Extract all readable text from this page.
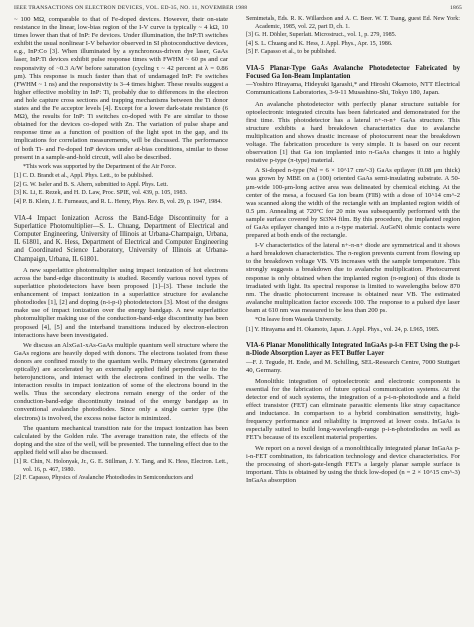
IEEE TRANSACTIONS ON ELECTRON DEVICES, VOL. ED-35, NO. 11, NOVEMBER 1988	1865

~ 100 MΩ, comparable to that of Fe-doped devices. However, their on-state resistance in the linear, low-bias region of the I-V curve is typically ~ 4 kΩ, 10 times lower than that of InP: Fe devices. Under illumination, the InP:Ti switches exhibit the usual nonlinear I-V behavior observed in SI photoconductive devices, e.g., InP:Co [3]. When illuminated by a synchronous-driven dye laser, GaAs laser, InP:Ti devices exhibit pulse response times with FWHM ~ 60 ps and car responsivity of ~0.3 A/W before saturation (cycling τ ~ 42 percent at λ = 0.86 μm). This response is much faster than that of undamaged InP: Fe switches (FWHM ~ 1 ns) and the responsivity is 3–4 times higher. These results suggest a higher effective mobility in InP: Ti, probably due to differences in the electron and hole capture cross sections and trapping mechanisms between the Ti donor states and the Fe acceptor levels [4]. Except for a lower dark-state resistance (6 MΩ), the results for InP: Ti switches co-doped with Fe are similar to those obtained for the devices co-doped with Zn. The variation of pulse shape and response time as a function of position of the light spot in the gap, and its implications for correlation measurements, will be discussed. The performance of both Ti- and Fe-doped InP devices under at-bias conditions, similar to those present in a sample-and-hold circuit, will also be described.

*This work was supported by the Department of the Air Force.
[1] C. D. Brandt et al., Appl. Phys. Lett., to be published.
[2] G. W. Iseler and B. S. Ahern, submitted to Appl. Phys. Lett.
[3] K. Li, E. Rezek, and H. D. Law, Proc. SPIE, vol. 439, p. 105, 1983.
[4] P. B. Klein, J. E. Furneaux, and R. L. Henry, Phys. Rev. B, vol. 29, p. 1947, 1984.
VIA-4 Impact Ionization Across the Band-Edge Discontinuity for a Superlattice Photomultiplier—S. L. Chuang, Department of Electrical and Computer Engineering, University of Illinois at Urbana-Champaign, Urbana, IL 61801, and K. Hess, Department of Electrical and Computer Engineering and Coordinated Science Laboratory, University of Illinois at Urbana-Champaign, Urbana, IL 61801.

A new superlattice photomultiplier using impact ionization of hot electrons across the band-edge discontinuity is studied. Recently various novel types of superlattice photodetectors have been proposed [1]–[3]. These include the enhancement of impact ionization in a superlattice structure for avalanche photodiodes [1], [2] and doping (n-i-p-i) photodetectors [3]. Most of the designs make use of impact ionization over the energy bandgap. A new superlattice photomultiplier making use of the conduction-band-edge discontinuity has been proposed [4], [5] and the interband transitions induced by electron-electron interactions have been investigated.

We discuss an AlxGa1-xAs-GaAs multiple quantum well structure where the GaAs regions are heavily doped with donors. The electrons isolated from these donors are confined mostly to the quantum wells. Primary electrons (generated optically) are accelerated by an externally applied field perpendicular to the heterojunctions, and interact with the electrons confined in the wells. The interaction results in impact ionization of some of the electrons bound in the wells. Thus the secondary electrons remain energy of the order of the conduction-band-edge discontinuity instead of the energy bandgap as in conventional avalanche photodiodes. Since only a single carrier type (the electrons) is involved, the excess noise factor is minimized.

The quantum mechanical transition rate for the impact ionization has been calculated by the Golden rule. The average transition rate, the effects of the doping and the size of the well, will be presented. The tunneling effect due to the applied field will also be discussed.

[1] R. Chin, N. Holonyak, Jr., G. E. Stillman, J. Y. Tang, and K. Hess, Electron. Lett., vol. 16, p. 467, 1980.
[2] F. Capasso, Physics of Avalanche Photodiodes in Semiconductors and
Semimetals, Eds. R. K. Willardson and A. C. Beer. W. T. Tsang, guest Ed. New York: Academic, 1985, vol. 22, part D, ch. 1.
[3] G. H. Döhler, Superlatt. Microstruct., vol. 1, p. 279, 1985.
[4] S. L. Chuang and K. Hess, J. Appl. Phys., Apr. 15, 1986.
[5] F. Capasso et al., to be published.
VIA-5 Planar-Type GaAs Avalanche Photodetector Fabricated by Focused Ga Ion-Beam Implantation
—Yoshiro Hirayama, Hideyuki Igarashi,* and Hiroshi Okamoto, NTT Electrical Communications Laboratories, 3-9-11 Musashino-Shi, Tokyo 180, Japan.

An avalanche photodetector with perfectly planar structure suitable for optoelectronic integrated circuits has been fabricated and demonstrated for the first time. This photodetector has a lateral n+-π-n+ GaAs structure. This structure exhibits a hard breakdown characteristics due to avalanche multiplication and shows drastic increase of photocurrent near the breakdown voltage. The fabrication procedure is very simple. It is based on our recent observation [1] that Ga ion implanted into π-GaAs changes it into a highly resistive p-type (π-type) material.

A Si-doped n-type (Nd = 6 × 10^17 cm^-3) GaAs epilayer (0.08 μm thick) was grown by MBE on a (100) oriented GaAs semi-insulating substrate. A 50-μm-wide 100-μm-long active area was delineated by chemical etching. At the center of the mesa, a focused Ga ion beam (FIB) with a dose of 10^14 cm^-2 was scanned along the width of the rectangle with an implanted region width of 0.5 μm. Annealing at 720°C for 20 min was subsequently performed with the sample surface covered by Si3N4 film. By this procedure, the implanted region of GaAs epilayer changed into a π-type material. AuGeNi ohmic contacts were prepared at both ends of the rectangle.

I-V characteristics of the lateral n+-π-n+ diode are symmetrical and it shows a hard breakdown characteristics. The π-region prevents current from flowing up to the breakdown voltage VB. VB increases with the sample temperature. This strongly suggests a breakdown due to avalanche multiplication. Photocurrent response is only obtained when the implanted region (π-region) of this diode is irradiated with light. Its spectral response is limited to wavelengths below 870 nm. The drastic photocurrent increase is obtained near VB. The estimated avalanche multiplication factor exceeds 100. The response to a pulsed dye laser beam at 610 nm was measured to be less than 200 ps.

*On leave from Waseda University.
[1] Y. Hirayama and H. Okamoto, Japan. J. Appl. Phys., vol. 24, p. L965, 1985.
VIA-6 Planar Monolithically Integrated InGaAs p-i-n FET Using the p-i-n-Diode Absorption Layer as FET Buffer Layer
—F. J. Tegude, H. Ende, and M. Schilling, SEL-Research Centre, 7000 Stuttgart 40, Germany.

Monolithic integration of optoelectronic and electronic components is essential for the fabrication of future optical communication systems. At the detector end of such systems, the integration of a p-i-n-photodiode and a field effect transistor (FET) can eliminate parasitic elements like stray capacitance and inductance. In comparison to a hybrid combination sensitivity, high-frequency performance and reliability is improved at lower costs. InGaAs is especially suited to build long-wavelength-range p-i-n-photodiodes as well as FET's because of its excellent material properties.

We report on a novel design of a monolithically integrated planar InGaAs p-i-n-FET combination, its fabrication technology and device characteristics. For the processing of short-gate-length FET's a largely planar sample surface is important. This is obtained by using the thick low-doped (n = 2 × 10^15 cm^-3) InGaAs absorption
